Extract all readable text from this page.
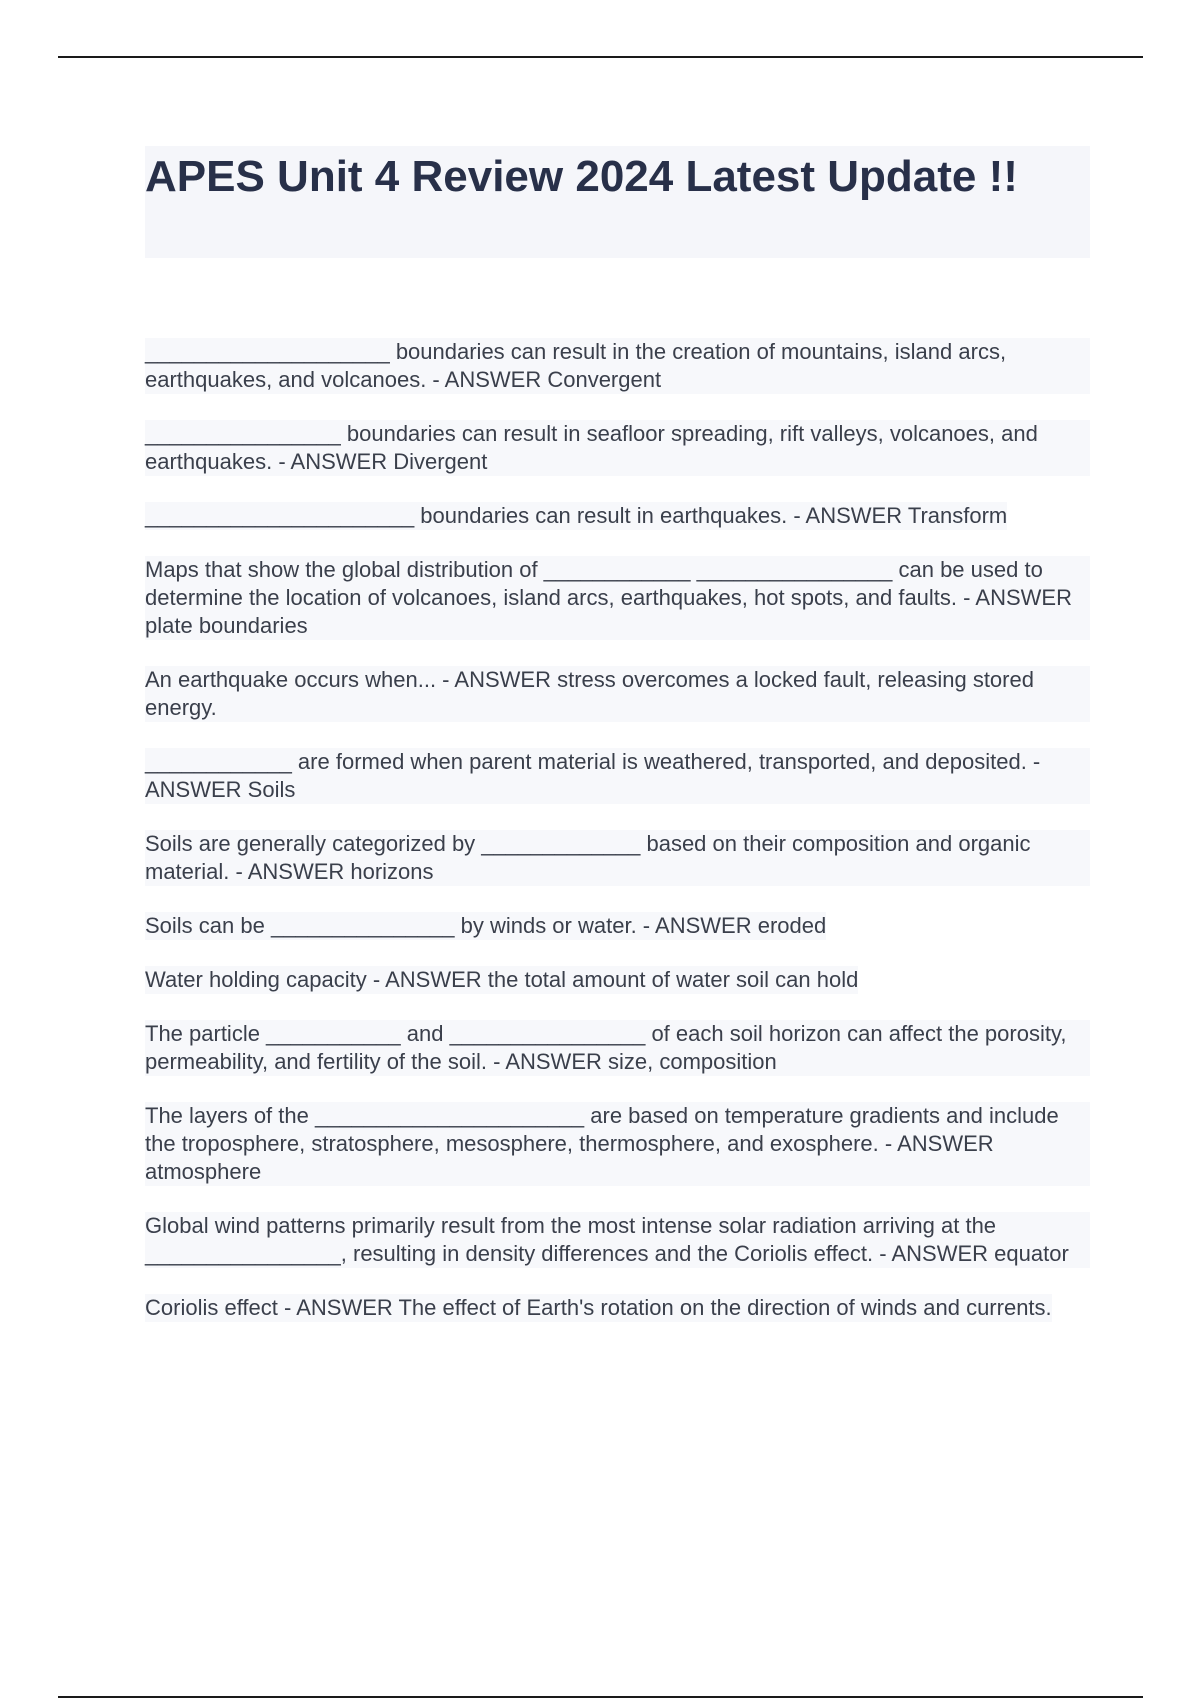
APES Unit 4 Review 2024 Latest Update !!

____________________ boundaries can result in the creation of mountains, island arcs, earthquakes, and volcanoes. - ANSWER Convergent

________________ boundaries can result in seafloor spreading, rift valleys, volcanoes, and earthquakes. - ANSWER Divergent

______________________ boundaries can result in earthquakes. - ANSWER Transform

Maps that show the global distribution of ____________ ________________ can be used to determine the location of volcanoes, island arcs, earthquakes, hot spots, and faults. - ANSWER plate boundaries

An earthquake occurs when... - ANSWER stress overcomes a locked fault, releasing stored energy.

____________ are formed when parent material is weathered, transported, and deposited. - ANSWER Soils

Soils are generally categorized by _____________ based on their composition and organic material. - ANSWER horizons

Soils can be _______________ by winds or water. - ANSWER eroded

Water holding capacity - ANSWER the total amount of water soil can hold

The particle ___________ and ________________ of each soil horizon can affect the porosity, permeability, and fertility of the soil. - ANSWER size, composition

The layers of the ______________________ are based on temperature gradients and include the troposphere, stratosphere, mesosphere, thermosphere, and exosphere. - ANSWER atmosphere

Global wind patterns primarily result from the most intense solar radiation arriving at the ________________, resulting in density differences and the Coriolis effect. - ANSWER equator

Coriolis effect - ANSWER The effect of Earth's rotation on the direction of winds and currents.
